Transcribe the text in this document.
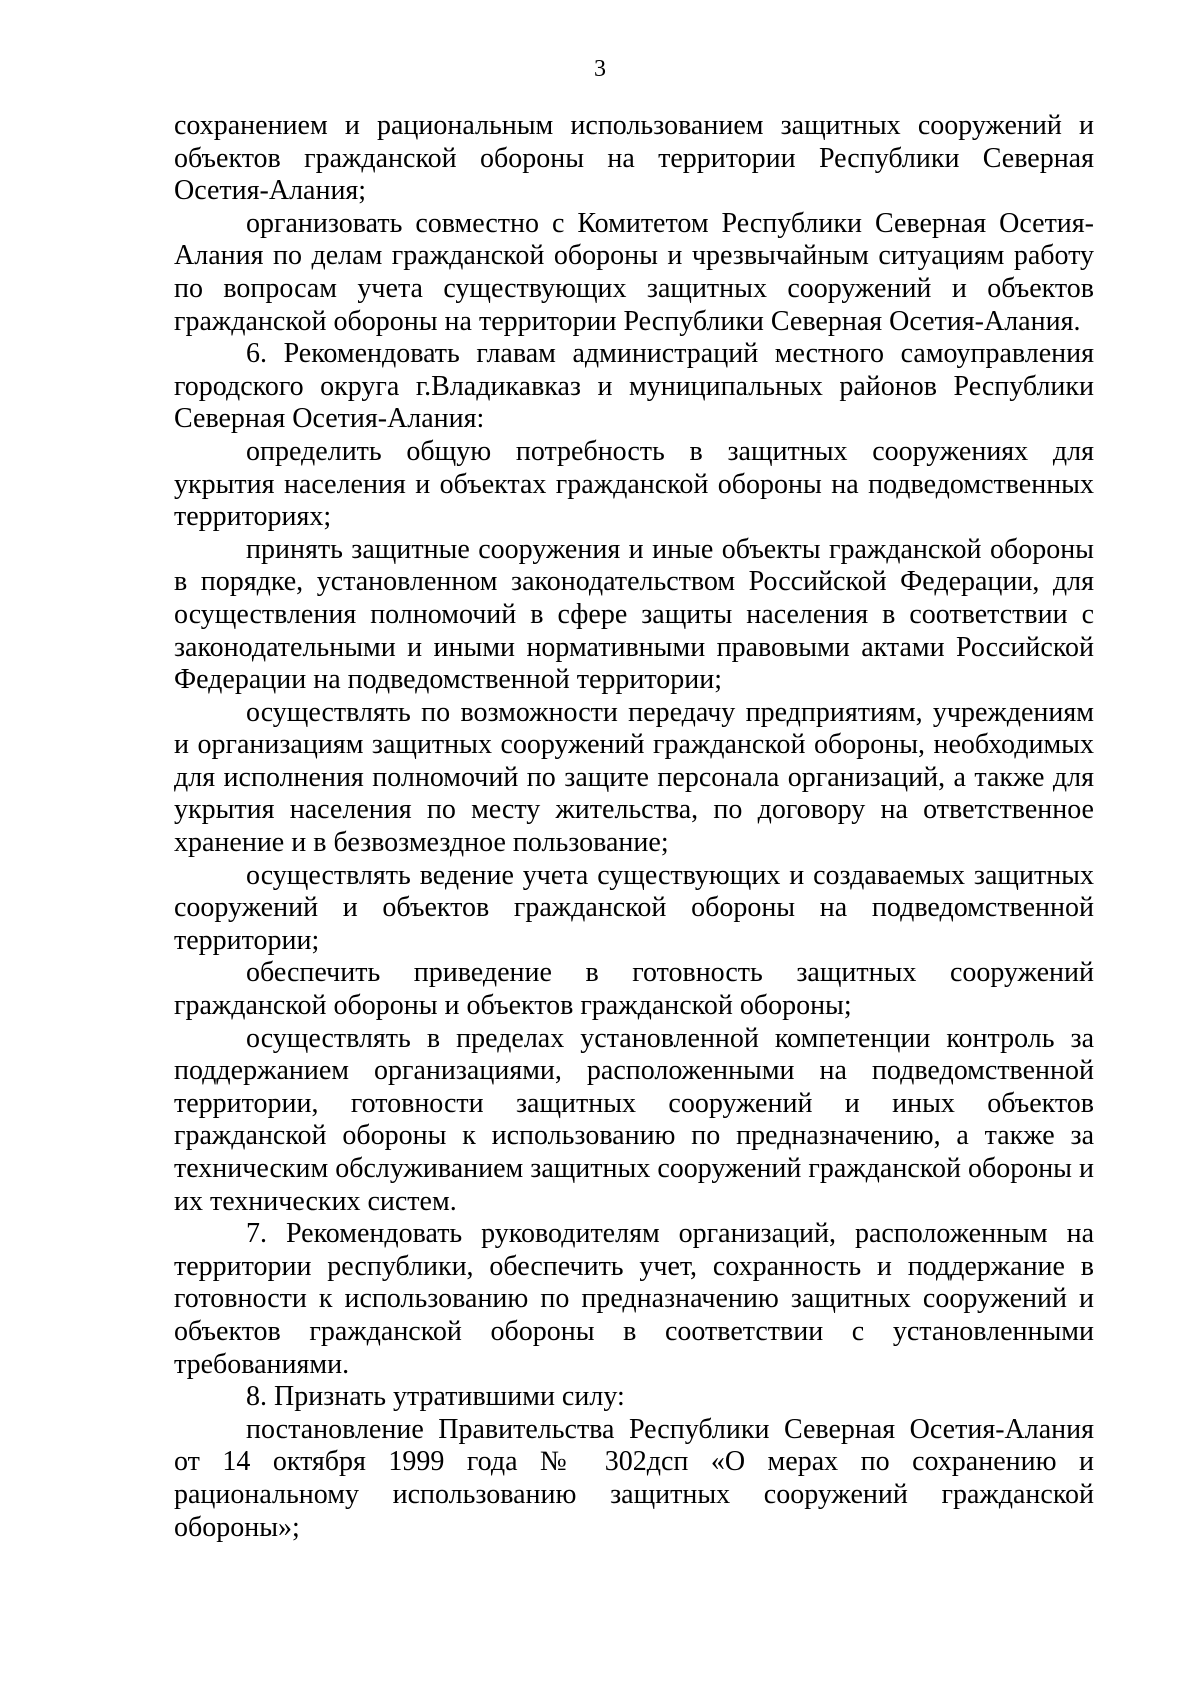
3

сохранением и рациональным использованием защитных сооружений и объектов гражданской обороны на территории Республики Северная Осетия-Алания;

организовать совместно с Комитетом Республики Северная Осетия-Алания по делам гражданской обороны и чрезвычайным ситуациям работу по вопросам учета существующих защитных сооружений и объектов гражданской обороны на территории Республики Северная Осетия-Алания.

6. Рекомендовать главам администраций местного самоуправления городского округа г.Владикавказ и муниципальных районов Республики Северная Осетия-Алания:

определить общую потребность в защитных сооружениях для укрытия населения и объектах гражданской обороны на подведомственных территориях;

принять защитные сооружения и иные объекты гражданской обороны в порядке, установленном законодательством Российской Федерации, для осуществления полномочий в сфере защиты населения в соответствии с законодательными и иными нормативными правовыми актами Российской Федерации на подведомственной территории;

осуществлять по возможности передачу предприятиям, учреждениям и организациям защитных сооружений гражданской обороны, необходимых для исполнения полномочий по защите персонала организаций, а также для укрытия населения по месту жительства, по договору на ответственное хранение и в безвозмездное пользование;

осуществлять ведение учета существующих и создаваемых защитных сооружений и объектов гражданской обороны на подведомственной территории;

обеспечить приведение в готовность защитных сооружений гражданской обороны и объектов гражданской обороны;

осуществлять в пределах установленной компетенции контроль за поддержанием организациями, расположенными на подведомственной территории, готовности защитных сооружений и иных объектов гражданской обороны к использованию по предназначению, а также за техническим обслуживанием защитных сооружений гражданской обороны и их технических систем.

7. Рекомендовать руководителям организаций, расположенным на территории республики, обеспечить учет, сохранность и поддержание в готовности к использованию по предназначению защитных сооружений и объектов гражданской обороны в соответствии с установленными требованиями.

8. Признать утратившими силу:

постановление Правительства Республики Северная Осетия-Алания от 14 октября 1999 года № 302дсп «О мерах по сохранению и рациональному использованию защитных сооружений гражданской обороны»;
